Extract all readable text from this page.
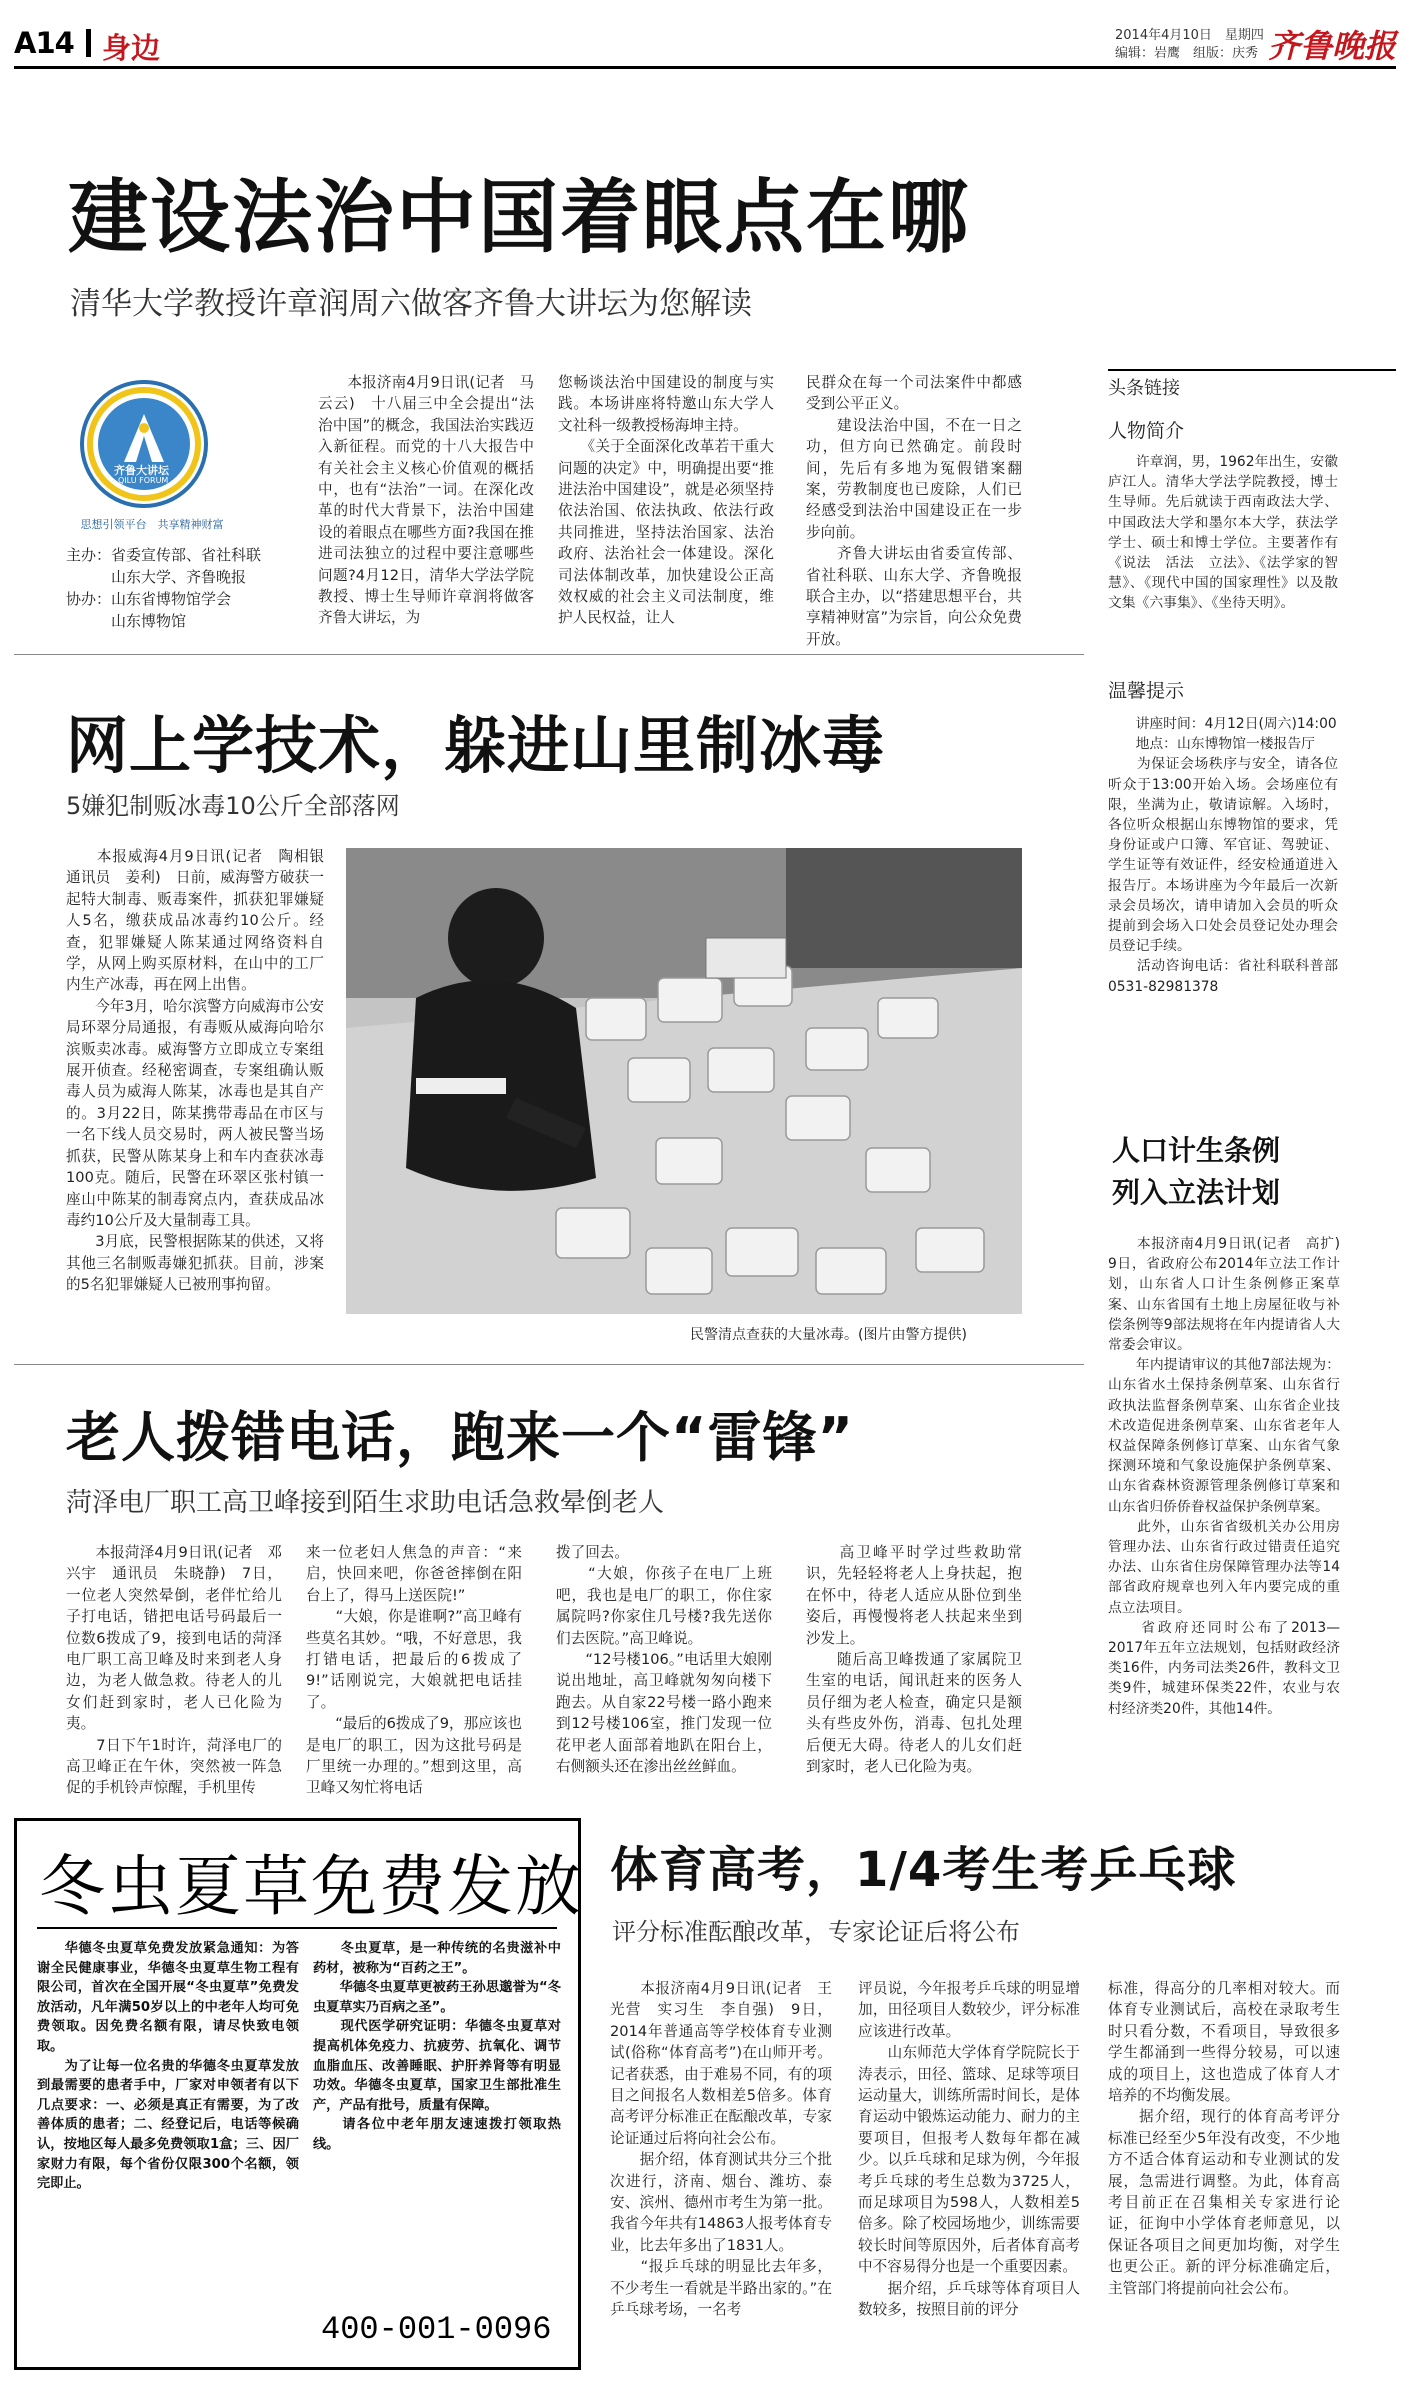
A14 身边	2014年4月10日　星期四
编辑：岩鹰　组版：庆秀 齐鲁晚报
建设法治中国着眼点在哪
清华大学教授许章润周六做客齐鲁大讲坛为您解读
齐鲁大讲坛
QILU FORUM
思想引领平台　共享精神财富
主办：省委宣传部、省社科联
　　　山东大学、齐鲁晚报
协办：山东省博物馆学会
　　　山东博物馆
　　本报济南4月9日讯(记者　马云云)　十八届三中全会提出“法治中国”的概念，我国法治实践迈入新征程。而党的十八大报告中有关社会主义核心价值观的概括中，也有“法治”一词。在深化改革的时代大背景下，法治中国建设的着眼点在哪些方面?我国在推进司法独立的过程中要注意哪些问题?4月12日，清华大学法学院教授、博士生导师许章润将做客齐鲁大讲坛，为
您畅谈法治中国建设的制度与实践。本场讲座将特邀山东大学人文社科一级教授杨海坤主持。
　　《关于全面深化改革若干重大问题的决定》中，明确提出要“推进法治中国建设”，就是必须坚持依法治国、依法执政、依法行政共同推进，坚持法治国家、法治政府、法治社会一体建设。深化司法体制改革，加快建设公正高效权威的社会主义司法制度，维护人民权益，让人
民群众在每一个司法案件中都感受到公平正义。
　　建设法治中国，不在一日之功，但方向已然确定。前段时间，先后有多地为冤假错案翻案，劳教制度也已废除，人们已经感受到法治中国建设正在一步步向前。
　　齐鲁大讲坛由省委宣传部、省社科联、山东大学、齐鲁晚报联合主办，以“搭建思想平台，共享精神财富”为宗旨，向公众免费开放。
头条链接
人物简介
　　许章润，男，1962年出生，安徽庐江人。清华大学法学院教授，博士生导师。先后就读于西南政法大学、中国政法大学和墨尔本大学，获法学学士、硕士和博士学位。主要著作有《说法　活法　立法》、《法学家的智慧》、《现代中国的国家理性》以及散文集《六事集》、《坐待天明》。
温馨提示
　　讲座时间：4月12日(周六)14:00
　　地点：山东博物馆一楼报告厅
　　为保证会场秩序与安全，请各位听众于13:00开始入场。会场座位有限，坐满为止，敬请谅解。入场时，各位听众根据山东博物馆的要求，凭身份证或户口簿、军官证、驾驶证、学生证等有效证件，经安检通道进入报告厅。本场讲座为今年最后一次新录会员场次，请申请加入会员的听众提前到会场入口处会员登记处办理会员登记手续。
　　活动咨询电话：省社科联科普部0531-82981378
网上学技术，躲进山里制冰毒
5嫌犯制贩冰毒10公斤全部落网
　　本报威海4月9日讯(记者　陶相银　通讯员　姜利)　日前，威海警方破获一起特大制毒、贩毒案件，抓获犯罪嫌疑人5名，缴获成品冰毒约10公斤。经查，犯罪嫌疑人陈某通过网络资料自学，从网上购买原材料，在山中的工厂内生产冰毒，再在网上出售。
　　今年3月，哈尔滨警方向威海市公安局环翠分局通报，有毒贩从威海向哈尔滨贩卖冰毒。威海警方立即成立专案组展开侦查。经秘密调查，专案组确认贩毒人员为威海人陈某，冰毒也是其自产的。3月22日，陈某携带毒品在市区与一名下线人员交易时，两人被民警当场抓获，民警从陈某身上和车内查获冰毒100克。随后，民警在环翠区张村镇一座山中陈某的制毒窝点内，查获成品冰毒约10公斤及大量制毒工具。
　　3月底，民警根据陈某的供述，又将其他三名制贩毒嫌犯抓获。目前，涉案的5名犯罪嫌疑人已被刑事拘留。
民警清点查获的大量冰毒。(图片由警方提供)
人口计生条例
列入立法计划
　　本报济南4月9日讯(记者　高扩)　9日，省政府公布2014年立法工作计划，山东省人口计生条例修正案草案、山东省国有土地上房屋征收与补偿条例等9部法规将在年内提请省人大常委会审议。
　　年内提请审议的其他7部法规为：山东省水土保持条例草案、山东省行政执法监督条例草案、山东省企业技术改造促进条例草案、山东省老年人权益保障条例修订草案、山东省气象探测环境和气象设施保护条例草案、山东省森林资源管理条例修订草案和山东省归侨侨眷权益保护条例草案。
　　此外，山东省省级机关办公用房管理办法、山东省行政过错责任追究办法、山东省住房保障管理办法等14部省政府规章也列入年内要完成的重点立法项目。
　　省政府还同时公布了2013—2017年五年立法规划，包括财政经济类16件，内务司法类26件，教科文卫类9件，城建环保类22件，农业与农村经济类20件，其他14件。
老人拨错电话，跑来一个“雷锋”
菏泽电厂职工高卫峰接到陌生求助电话急救晕倒老人
　　本报菏泽4月9日讯(记者　邓兴宇　通讯员　朱晓静)　7日，一位老人突然晕倒，老伴忙给儿子打电话，错把电话号码最后一位数6拨成了9，接到电话的菏泽电厂职工高卫峰及时来到老人身边，为老人做急救。待老人的儿女们赶到家时，老人已化险为夷。
　　7日下午1时许，菏泽电厂的高卫峰正在午休，突然被一阵急促的手机铃声惊醒，手机里传
来一位老妇人焦急的声音：“来启，快回来吧，你爸爸摔倒在阳台上了，得马上送医院!”
　　“大娘，你是谁啊?”高卫峰有些莫名其妙。“哦，不好意思，我打错电话，把最后的6拨成了9!”话刚说完，大娘就把电话挂了。
　　“最后的6拨成了9，那应该也是电厂的职工，因为这批号码是厂里统一办理的。”想到这里，高卫峰又匆忙将电话
拨了回去。
　　“大娘，你孩子在电厂上班吧，我也是电厂的职工，你住家属院吗?你家住几号楼?我先送你们去医院。”高卫峰说。
　　“12号楼106。”电话里大娘刚说出地址，高卫峰就匆匆向楼下跑去。从自家22号楼一路小跑来到12号楼106室，推门发现一位花甲老人面部着地趴在阳台上，右侧额头还在渗出丝丝鲜血。
　　高卫峰平时学过些救助常识，先轻轻将老人上身扶起，抱在怀中，待老人适应从卧位到坐姿后，再慢慢将老人扶起来坐到沙发上。
　　随后高卫峰拨通了家属院卫生室的电话，闻讯赶来的医务人员仔细为老人检查，确定只是额头有些皮外伤，消毒、包扎处理后便无大碍。待老人的儿女们赶到家时，老人已化险为夷。
冬虫夏草免费发放
　　华德冬虫夏草免费发放紧急通知：为答谢全民健康事业，华德冬虫夏草生物工程有限公司，首次在全国开展“冬虫夏草”免费发放活动，凡年满50岁以上的中老年人均可免费领取。因免费名额有限，请尽快致电领取。
　　为了让每一位名贵的华德冬虫夏草发放到最需要的患者手中，厂家对申领者有以下几点要求：一、必须是真正有需要，为了改善体质的患者；二、经登记后，电话等候确认，按地区每人最多免费领取1盒；三、因厂家财力有限，每个省份仅限300个名额，领完即止。
　　冬虫夏草，是一种传统的名贵滋补中药材，被称为“百药之王”。
　　华德冬虫夏草更被药王孙思邈誉为“冬虫夏草实乃百病之圣”。
　　现代医学研究证明：华德冬虫夏草对提高机体免疫力、抗疲劳、抗氧化、调节血脂血压、改善睡眠、护肝养肾等有明显功效。华德冬虫夏草，国家卫生部批准生产，产品有批号，质量有保障。
　　请各位中老年朋友速速拨打领取热线。
400-001-0096
体育高考，1/4考生考乒乓球
评分标准酝酿改革，专家论证后将公布
　　本报济南4月9日讯(记者　王光营　实习生　李自强)　9日，2014年普通高等学校体育专业测试(俗称“体育高考”)在山师开考。记者获悉，由于难易不同，有的项目之间报名人数相差5倍多。体育高考评分标准正在酝酿改革，专家论证通过后将向社会公布。
　　据介绍，体育测试共分三个批次进行，济南、烟台、潍坊、泰安、滨州、德州市考生为第一批。我省今年共有14863人报考体育专业，比去年多出了1831人。
　　“报乒乓球的明显比去年多，不少考生一看就是半路出家的。”在乒乓球考场，一名考
评员说，今年报考乒乓球的明显增加，田径项目人数较少，评分标准应该进行改革。
　　山东师范大学体育学院院长于涛表示，田径、篮球、足球等项目运动量大，训练所需时间长，是体育运动中锻炼运动能力、耐力的主要项目，但报考人数每年都在减少。以乒乓球和足球为例，今年报考乒乓球的考生总数为3725人，而足球项目为598人，人数相差5倍多。除了校园场地少，训练需要较长时间等原因外，后者体育高考中不容易得分也是一个重要因素。
　　据介绍，乒乓球等体育项目人数较多，按照目前的评分
标准，得高分的几率相对较大。而体育专业测试后，高校在录取考生时只看分数，不看项目，导致很多学生都涌到一些得分较易，可以速成的项目上，这也造成了体育人才培养的不均衡发展。
　　据介绍，现行的体育高考评分标准已经至少5年没有改变，不少地方不适合体育运动和专业测试的发展，急需进行调整。为此，体育高考目前正在召集相关专家进行论证，征询中小学体育老师意见，以保证各项目之间更加均衡，对学生也更公正。新的评分标准确定后，主管部门将提前向社会公布。
